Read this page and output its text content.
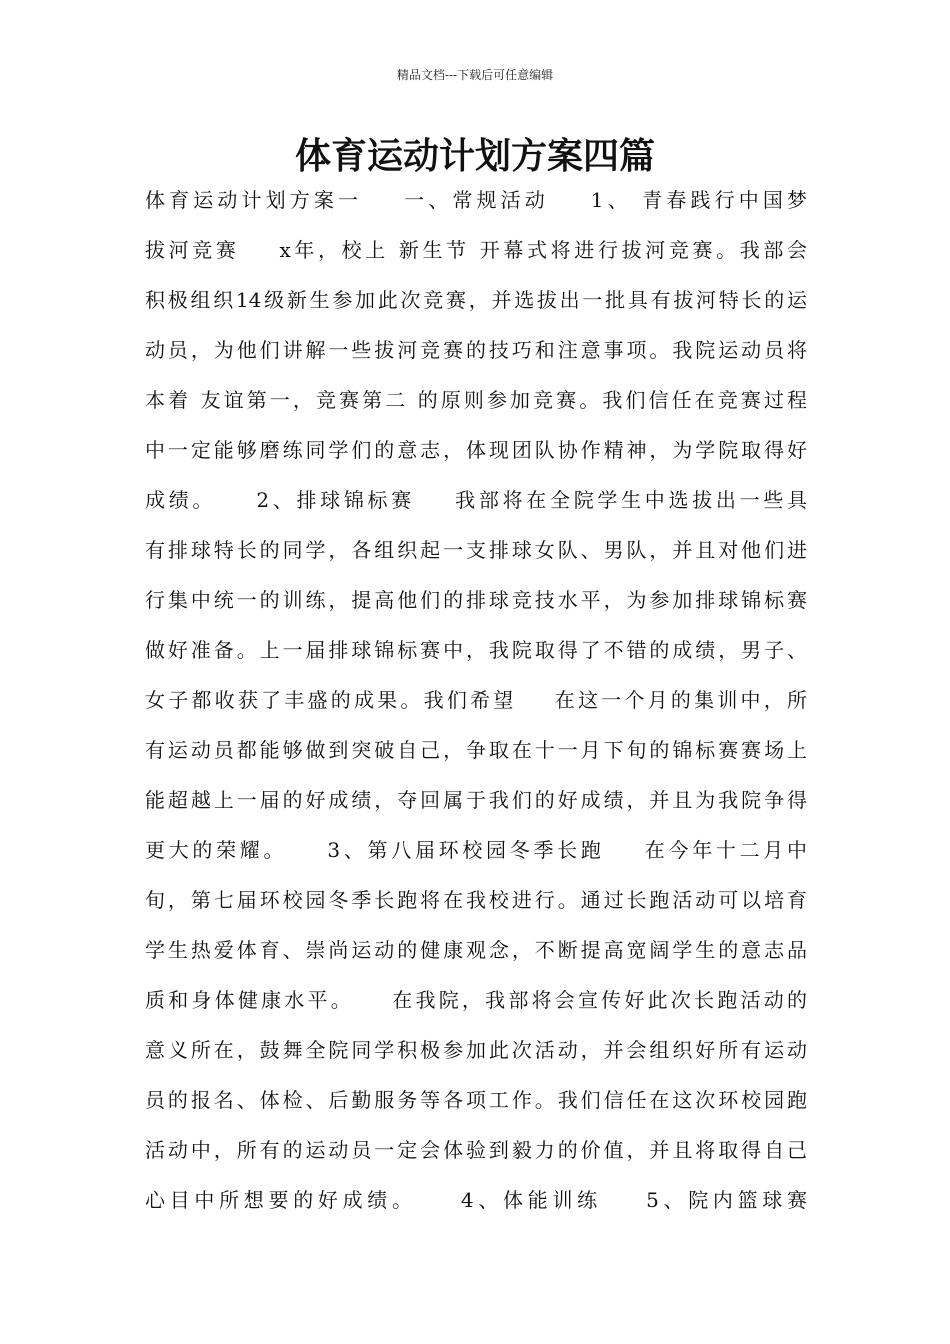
精品文档---下载后可任意编辑
体育运动计划方案四篇
体育运动计划方案一    一、常规活动    1、 青春践行中国梦
拔河竞赛    x年，校上 新生节 开幕式将进行拔河竞赛。我部会
积极组织14级新生参加此次竞赛，并选拔出一批具有拔河特长的运
动员，为他们讲解一些拔河竞赛的技巧和注意事项。我院运动员将
本着 友谊第一，竞赛第二 的原则参加竞赛。我们信任在竞赛过程
中一定能够磨练同学们的意志，体现团队协作精神，为学院取得好
成绩。    2、排球锦标赛    我部将在全院学生中选拔出一些具
有排球特长的同学，各组织起一支排球女队、男队，并且对他们进
行集中统一的训练，提高他们的排球竞技水平，为参加排球锦标赛
做好准备。上一届排球锦标赛中，我院取得了不错的成绩，男子、
女子都收获了丰盛的成果。我们希望    在这一个月的集训中，所
有运动员都能够做到突破自己，争取在十一月下旬的锦标赛赛场上
能超越上一届的好成绩，夺回属于我们的好成绩，并且为我院争得
更大的荣耀。    3、第八届环校园冬季长跑    在今年十二月中
旬，第七届环校园冬季长跑将在我校进行。通过长跑活动可以培育
学生热爱体育、崇尚运动的健康观念，不断提高宽阔学生的意志品
质和身体健康水平。    在我院，我部将会宣传好此次长跑活动的
意义所在，鼓舞全院同学积极参加此次活动，并会组织好所有运动
员的报名、体检、后勤服务等各项工作。我们信任在这次环校园跑
活动中，所有的运动员一定会体验到毅力的价值，并且将取得自己
心目中所想要的好成绩。    4、体能训练    5、院内篮球赛
